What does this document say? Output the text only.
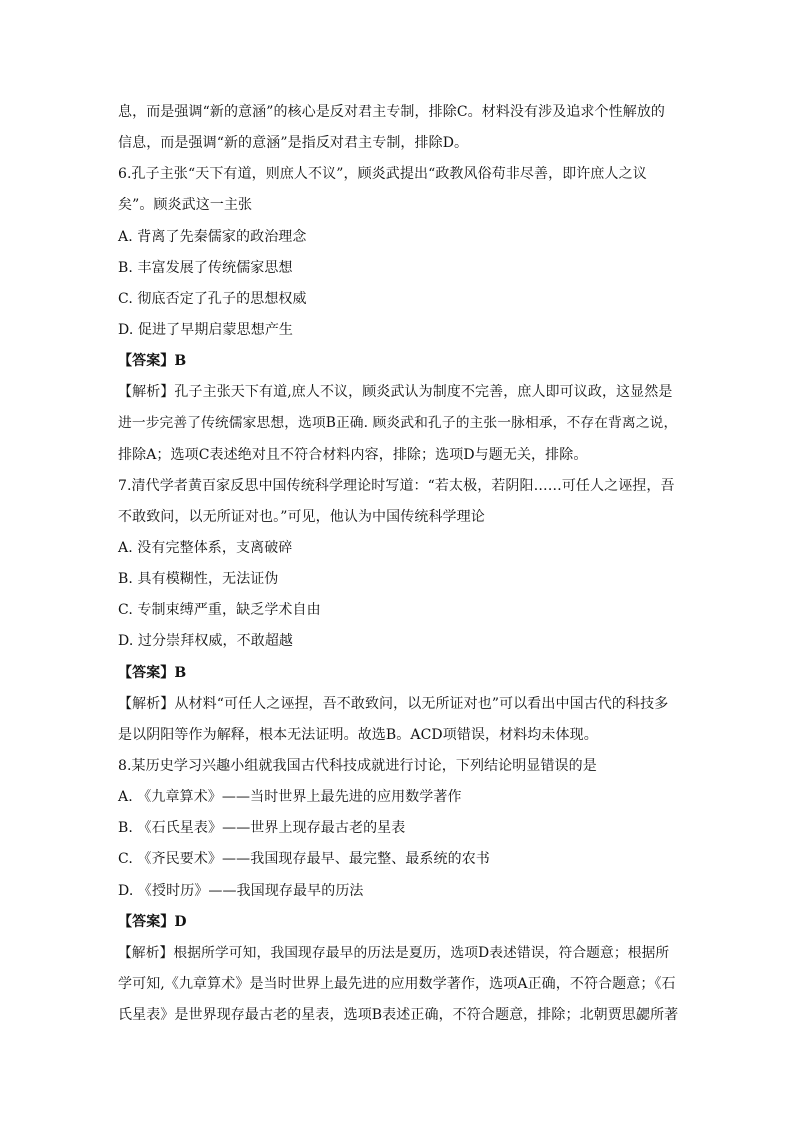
息，而是强调“新的意涵”的核心是反对君主专制，排除C。材料没有涉及追求个性解放的
信息，而是强调“新的意涵”是指反对君主专制，排除D。
6.孔子主张“天下有道，则庶人不议”，顾炎武提出“政教风俗苟非尽善，即许庶人之议
矣”。顾炎武这一主张
A. 背离了先秦儒家的政治理念
B. 丰富发展了传统儒家思想
C. 彻底否定了孔子的思想权威
D. 促进了早期启蒙思想产生
【答案】B
【解析】孔子主张天下有道,庶人不议，顾炎武认为制度不完善，庶人即可议政，这显然是
进一步完善了传统儒家思想，选项B正确. 顾炎武和孔子的主张一脉相承，不存在背离之说，
排除A；选项C表述绝对且不符合材料内容，排除；选项D与题无关，排除。
7.清代学者黄百家反思中国传统科学理论时写道：“若太极，若阴阳……可任人之诬捏，吾
不敢致问，以无所证对也。”可见，他认为中国传统科学理论
A. 没有完整体系，支离破碎
B. 具有模糊性，无法证伪
C. 专制束缚严重，缺乏学术自由
D. 过分崇拜权威，不敢超越
【答案】B
【解析】从材料“可任人之诬捏，吾不敢致问，以无所证对也”可以看出中国古代的科技多
是以阴阳等作为解释，根本无法证明。故选B。ACD项错误，材料均未体现。
8.某历史学习兴趣小组就我国古代科技成就进行讨论，下列结论明显错误的是
A. 《九章算术》——当时世界上最先进的应用数学著作
B. 《石氏星表》——世界上现存最古老的星表
C. 《齐民要术》——我国现存最早、最完整、最系统的农书
D. 《授时历》——我国现存最早的历法
【答案】D
【解析】根据所学可知，我国现存最早的历法是夏历，选项D表述错误，符合题意；根据所
学可知,《九章算术》是当时世界上最先进的应用数学著作，选项A正确，不符合题意；《石
氏星表》是世界现存最古老的星表，选项B表述正确，不符合题意，排除；北朝贾思勰所著
